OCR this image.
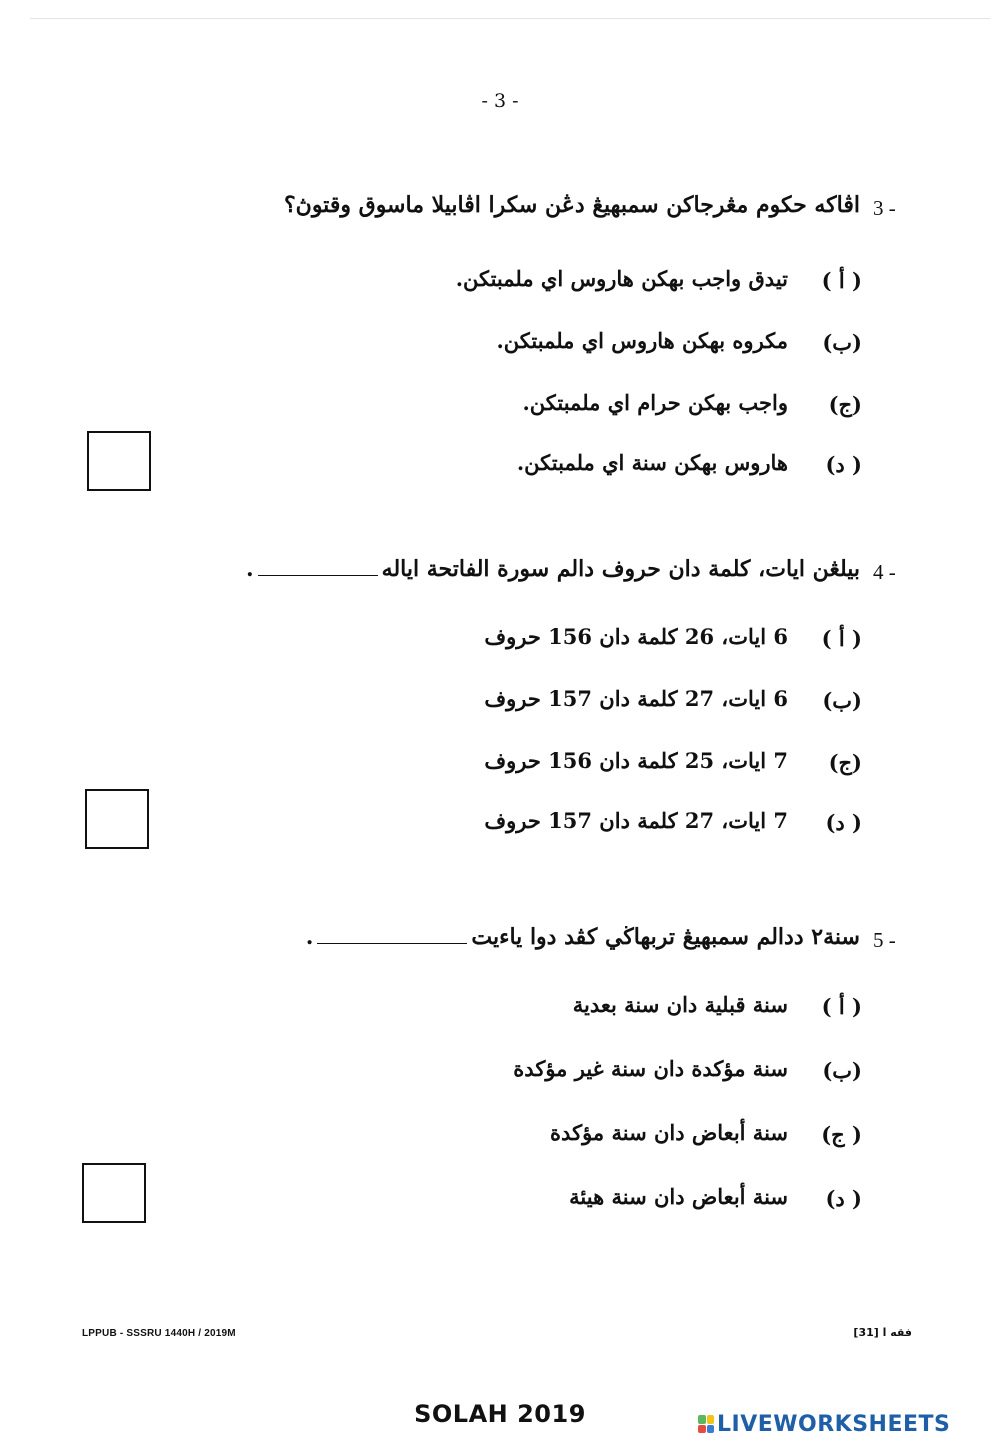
- 3 -
3 -
اڤاکه حکوم مڠرجاکن سمبهيڠ دڠن سکرا اڤابيلا ماسوق وقتوڽ؟
( أ )
تيدق واجب بهکن هاروس اي ملمبتکن.
(ب)
مکروه بهکن هاروس اي ملمبتکن.
(ج)
واجب بهکن حرام اي ملمبتکن.
( د)
هاروس بهکن سنة اي ملمبتکن.
4 -
بيلڠن ايات، کلمة دان حروف دالم سورة الفاتحة اياله.
( أ )
6 ايات، 26 کلمة دان 156 حروف
(ب)
6 ايات، 27 کلمة دان 157 حروف
(ج)
7 ايات، 25 کلمة دان 156 حروف
( د)
7 ايات، 27 کلمة دان 157 حروف
5 -
سنة٢ ددالم سمبهيڠ تربهاڬي کڤد دوا ياءيت.
( أ )
سنة قبلية دان سنة بعدية
(ب)
سنة مؤکدة دان سنة غير مؤکدة
( ج)
سنة أبعاض دان سنة مؤکدة
( د)
سنة أبعاض دان سنة هيئة
LPPUB - SSSRU 1440H / 2019M	فقه ا [31]
SOLAH 2019	LIVEWORKSHEETS
